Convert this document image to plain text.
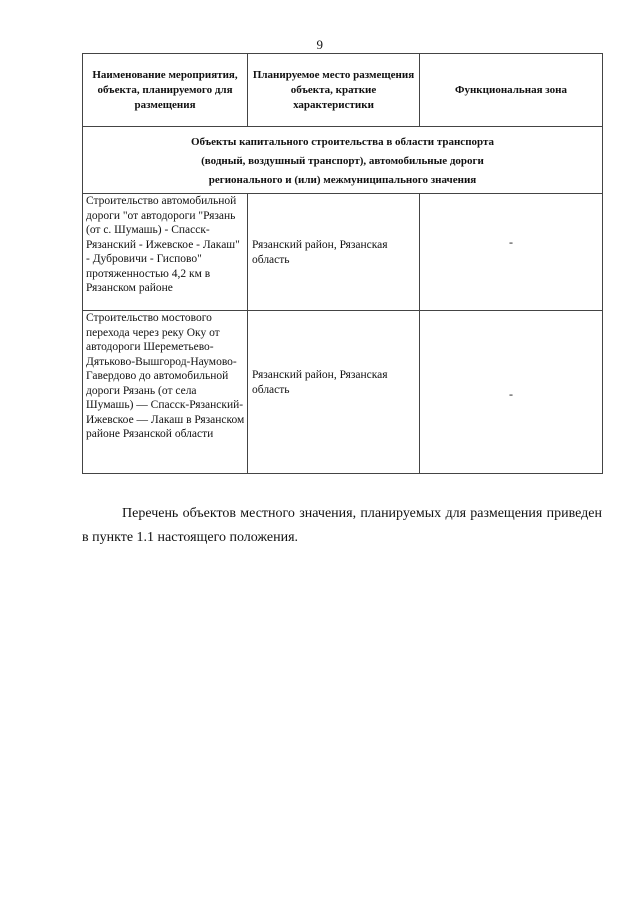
9
Наименование мероприятия, объекта, планируемого для размещения	Планируемое место размещения объекта, краткие характеристики	Функциональная зона

Объекты капитального строительства в области транспорта
(водный, воздушный транспорт), автомобильные дороги
регионального и (или) межмуниципального значения		

Строительство автомобильной дороги "от автодороги "Рязань (от с. Шумашь) - Спасск-Рязанский - Ижевское - Лакаш" - Дубровичи - Гиспово" протяженностью 4,2 км в Рязанском районе	Рязанский район, Рязанская область	-

Строительство мостового перехода через реку Оку от автодороги Шереметьево-Дятьково-Вышгород-Наумово-Гавердово до автомобильной дороги Рязань (от села Шумашь) — Спасск-Рязанский-Ижевское — Лакаш в Рязанском районе Рязанской области	Рязанский район, Рязанская область	-

Перечень объектов местного значения, планируемых для размещения приведен в пункте 1.1 настоящего положения.
